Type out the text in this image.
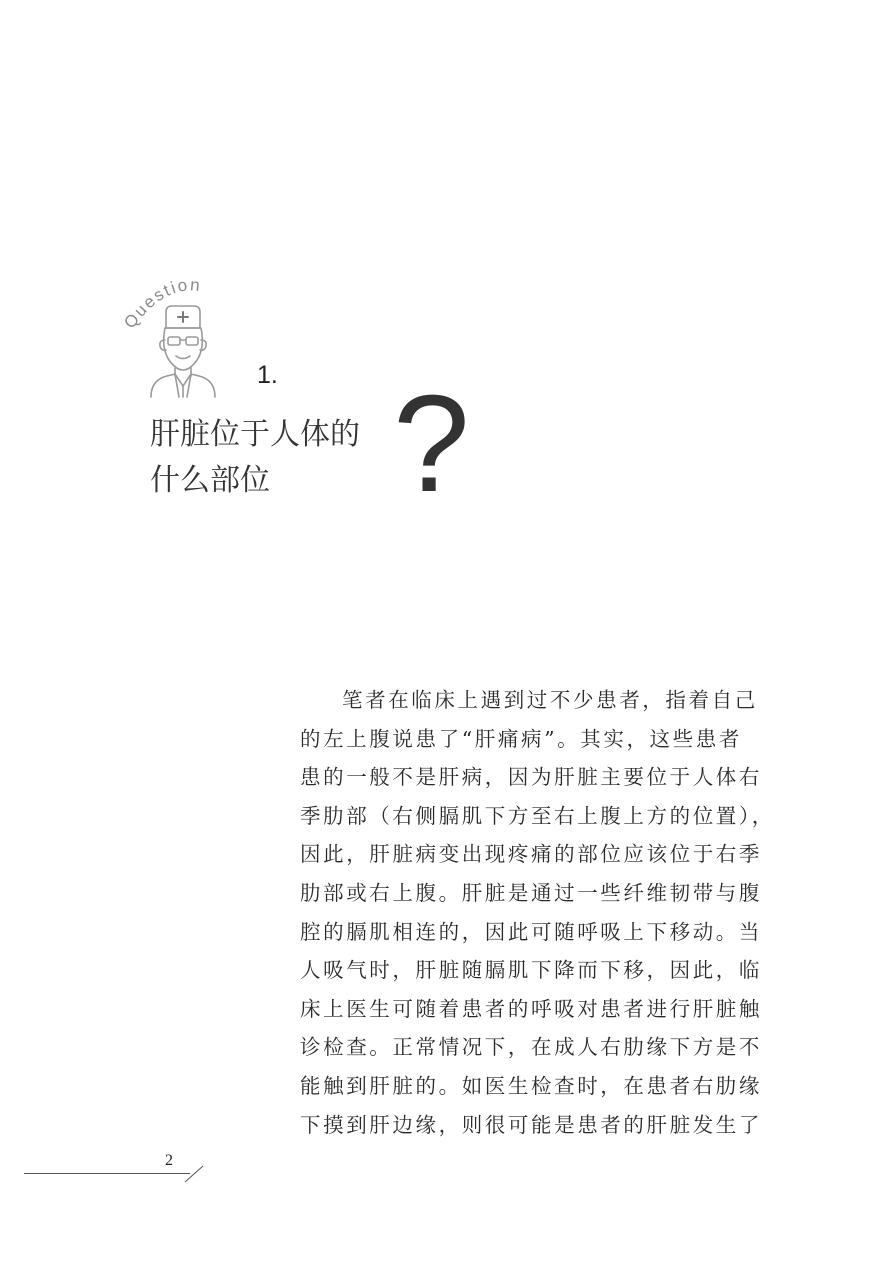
Question

1.

肝脏位于人体的
什么部位 ?

笔者在临床上遇到过不少患者，指着自己
的左上腹说患了“肝痛病”。其实，这些患者
患的一般不是肝病，因为肝脏主要位于人体右
季肋部（右侧膈肌下方至右上腹上方的位置），
因此，肝脏病变出现疼痛的部位应该位于右季
肋部或右上腹。肝脏是通过一些纤维韧带与腹
腔的膈肌相连的，因此可随呼吸上下移动。当
人吸气时，肝脏随膈肌下降而下移，因此，临
床上医生可随着患者的呼吸对患者进行肝脏触
诊检查。正常情况下，在成人右肋缘下方是不
能触到肝脏的。如医生检查时，在患者右肋缘
下摸到肝边缘，则很可能是患者的肝脏发生了

2
